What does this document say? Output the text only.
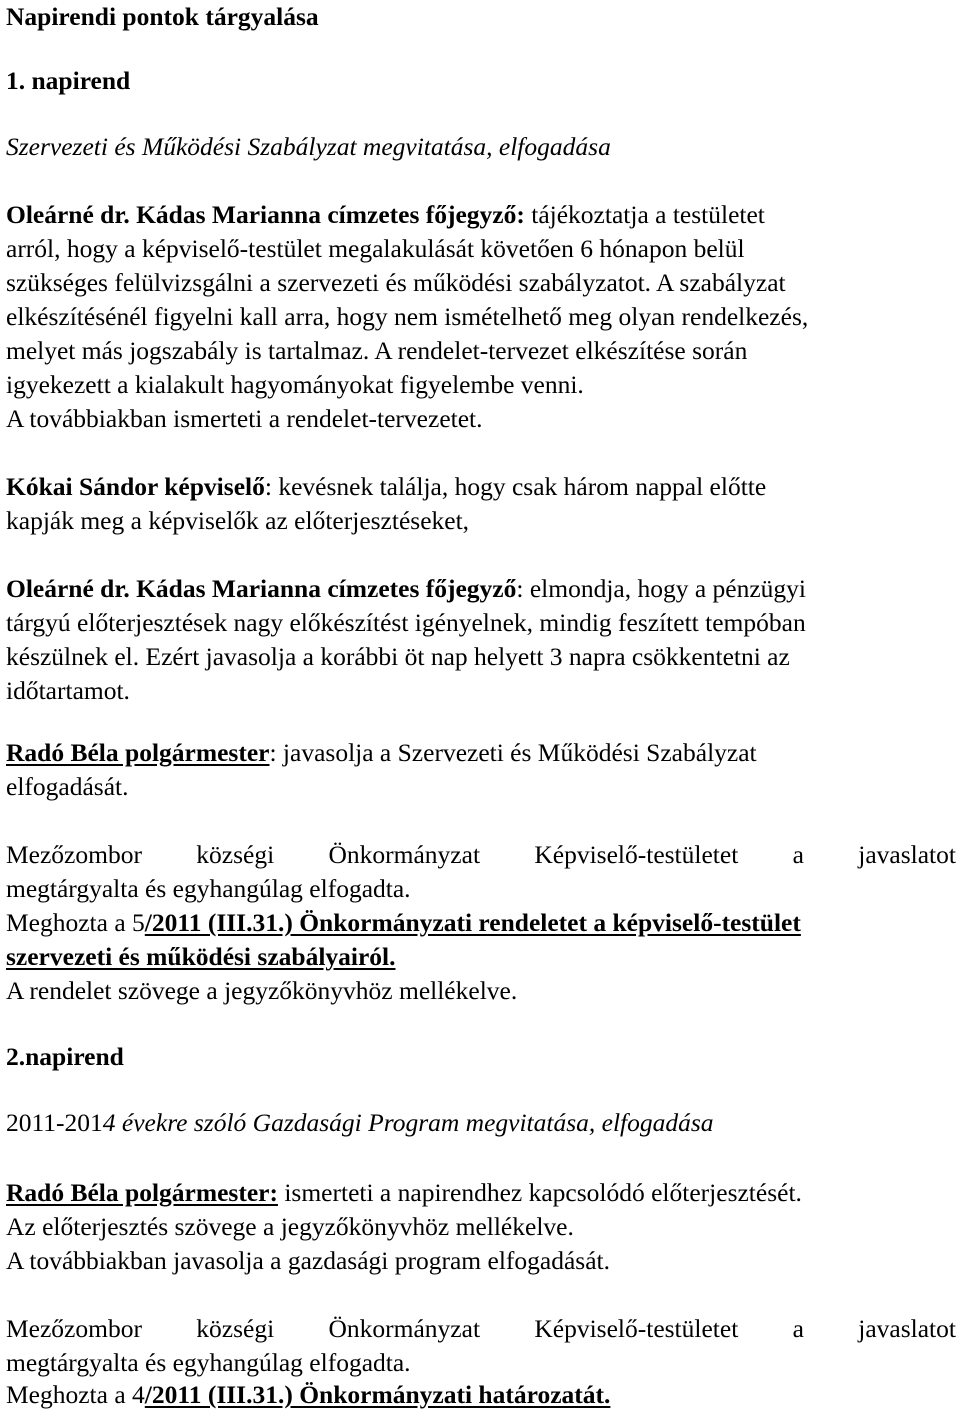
Napirendi pontok tárgyalása
1. napirend
Szervezeti és Működési Szabályzat megvitatása, elfogadása
Oleárné dr. Kádas Marianna címzetes főjegyző: tájékoztatja a testületet
arról, hogy a képviselő-testület megalakulását követően 6 hónapon belül
szükséges felülvizsgálni a szervezeti és működési szabályzatot. A szabályzat
elkészítésénél figyelni kall arra, hogy nem ismételhető meg olyan rendelkezés,
melyet más jogszabály is tartalmaz. A rendelet-tervezet elkészítése során
igyekezett a kialakult hagyományokat figyelembe venni.
A továbbiakban ismerteti a rendelet-tervezetet.
Kókai Sándor képviselő: kevésnek találja, hogy csak három nappal előtte
kapják meg a képviselők az előterjesztéseket,
Oleárné dr. Kádas Marianna címzetes főjegyző: elmondja, hogy a pénzügyi
tárgyú előterjesztések nagy előkészítést igényelnek, mindig feszített tempóban
készülnek el. Ezért javasolja a korábbi öt nap helyett 3 napra csökkentetni az
időtartamot.
Radó Béla polgármester: javasolja a Szervezeti és Működési Szabályzat
elfogadását.
Mezőzombor községi Önkormányzat Képviselő-testületet a javaslatot
megtárgyalta és egyhangúlag elfogadta.
Meghozta a 5/2011 (III.31.) Önkormányzati rendeletet a képviselő-testület
szervezeti és működési szabályairól.
A rendelet szövege a jegyzőkönyvhöz mellékelve.
2.napirend
2011-2014 évekre szóló Gazdasági Program megvitatása, elfogadása
Radó Béla polgármester: ismerteti a napirendhez kapcsolódó előterjesztését.
Az előterjesztés szövege a jegyzőkönyvhöz mellékelve.
A továbbiakban javasolja a gazdasági program elfogadását.
Mezőzombor községi Önkormányzat Képviselő-testületet a javaslatot
megtárgyalta és egyhangúlag elfogadta.
Meghozta a 4/2011 (III.31.) Önkormányzati határozatát.
